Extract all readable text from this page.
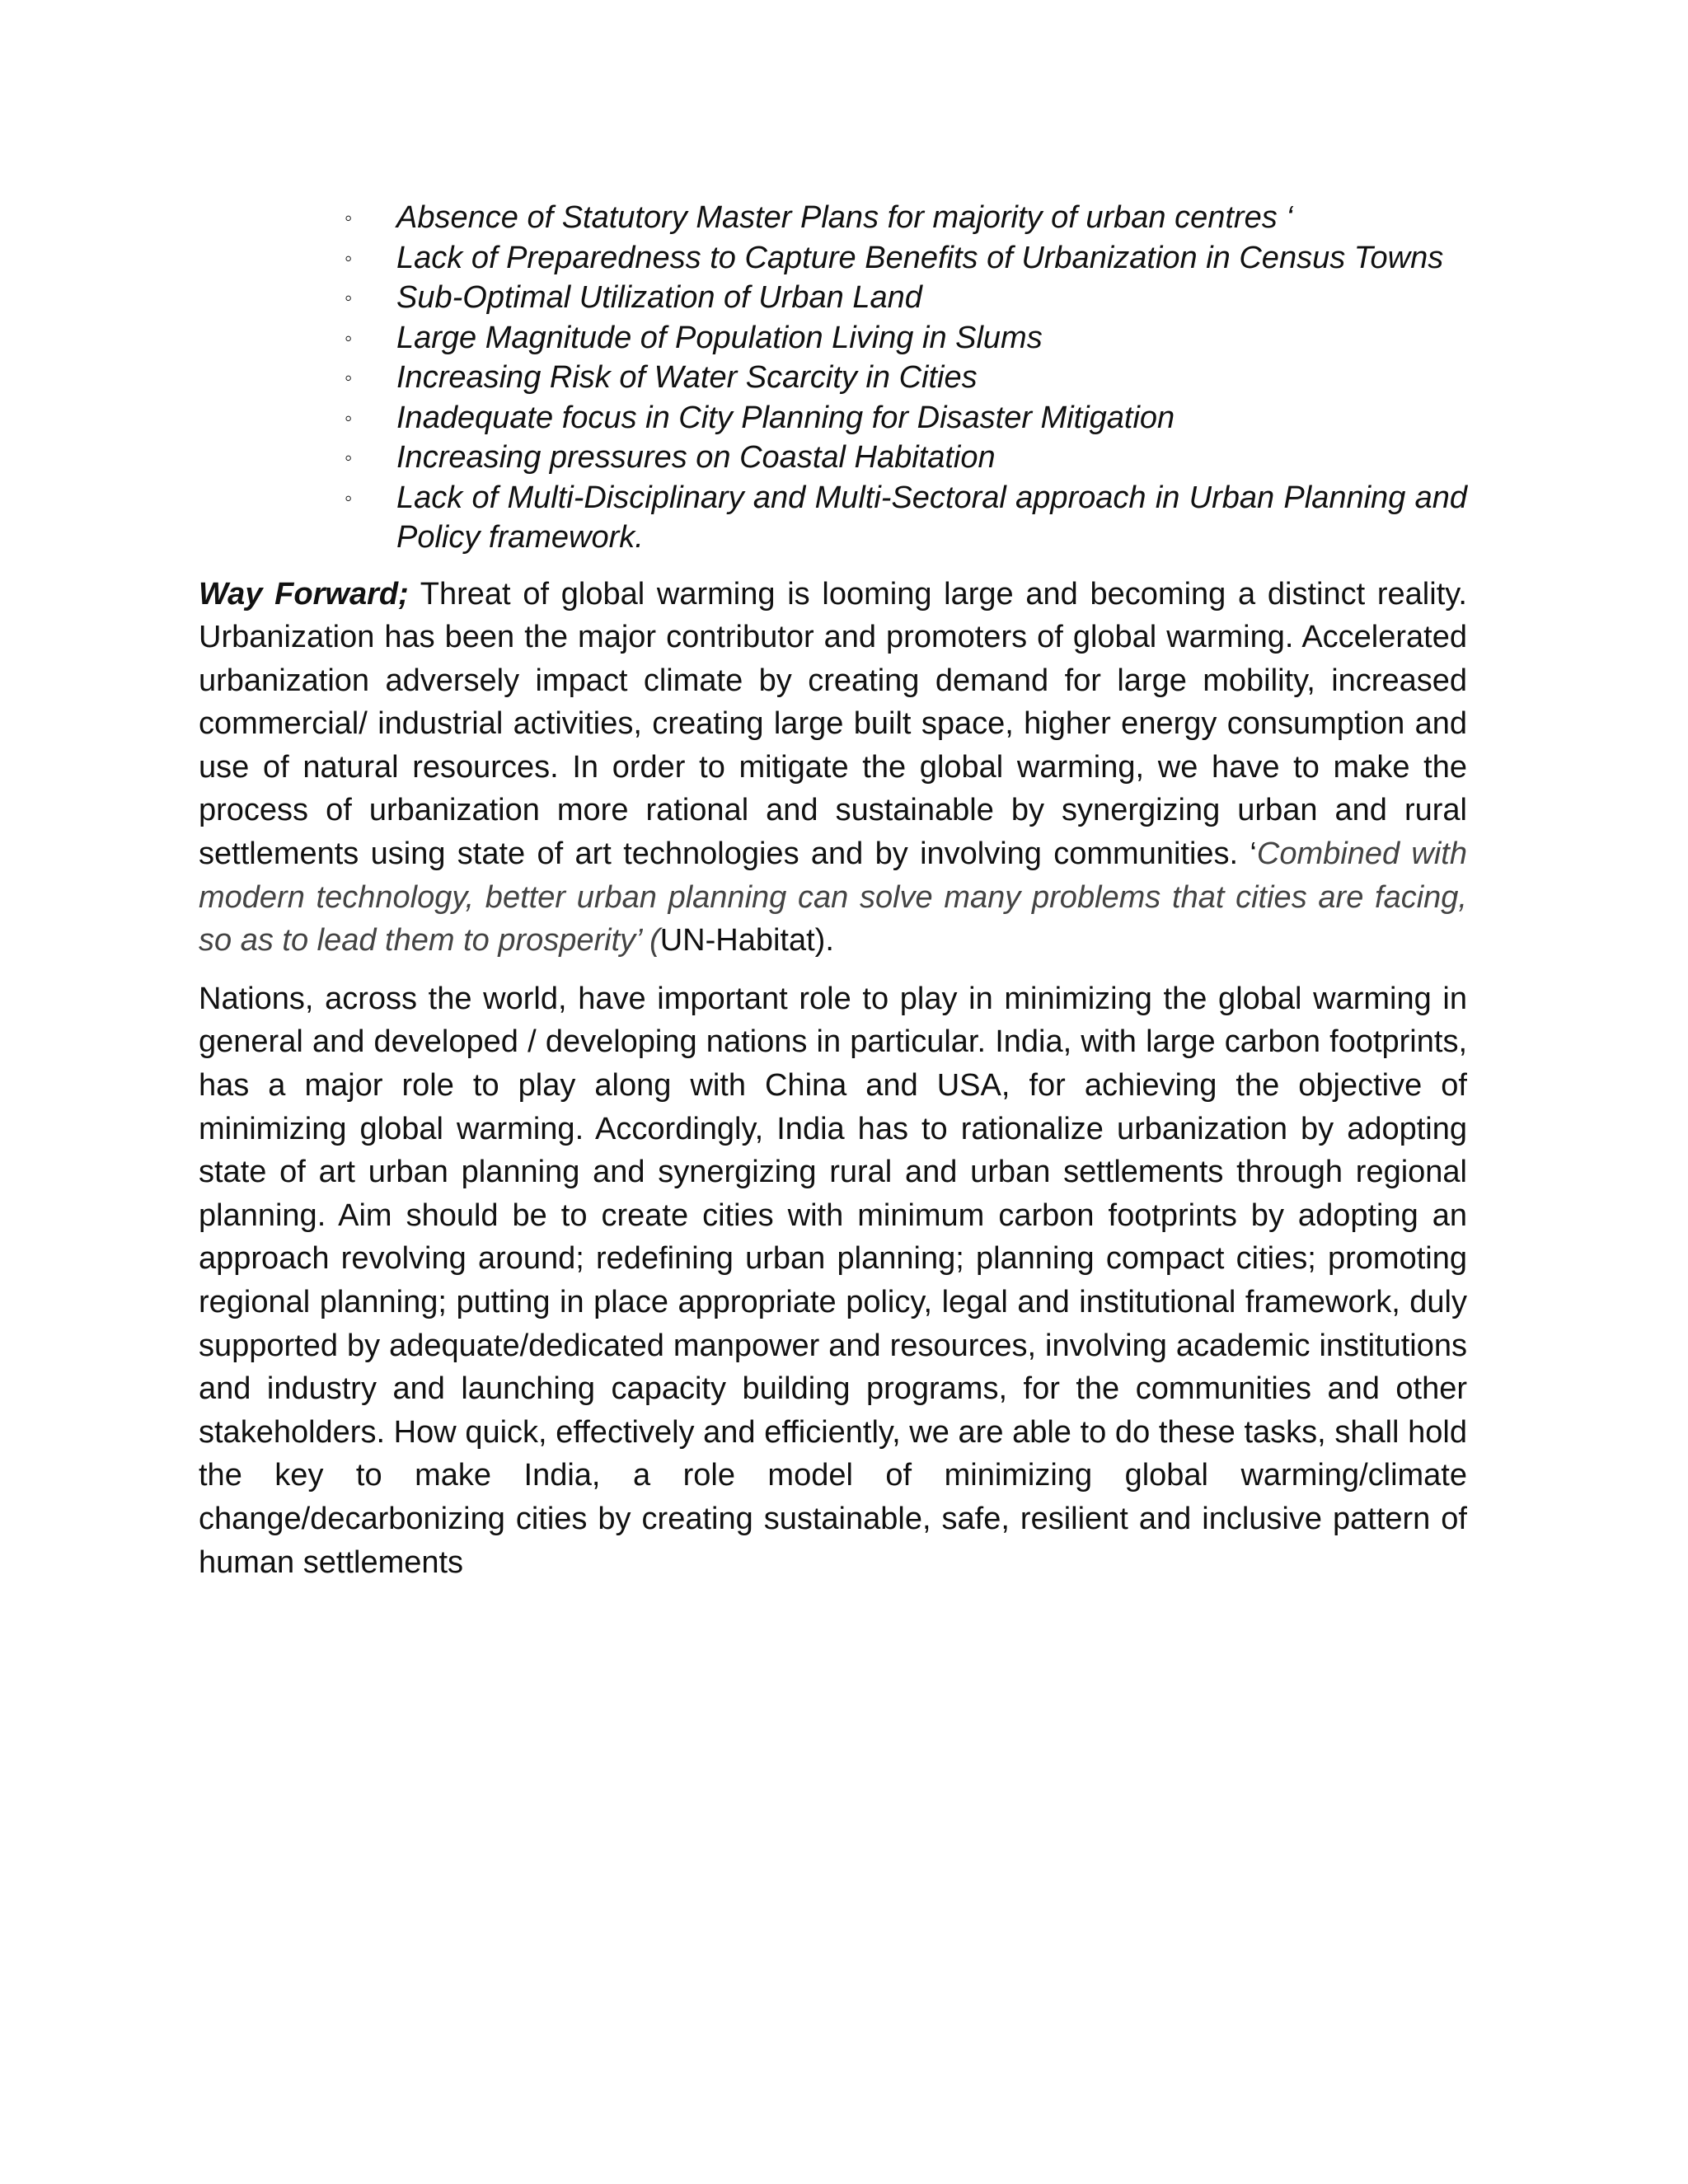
◦ Absence of Statutory Master Plans for majority of urban centres ‘
◦ Lack of Preparedness to Capture Benefits of Urbanization in Census Towns
◦ Sub-Optimal Utilization of Urban Land
◦ Large Magnitude of Population Living in Slums
◦ Increasing Risk of Water Scarcity in Cities
◦ Inadequate focus in City Planning for Disaster Mitigation
◦ Increasing pressures on Coastal Habitation
◦ Lack of Multi-Disciplinary and Multi-Sectoral approach in Urban Planning and Policy framework.

Way Forward; Threat of global warming is looming large and becoming a distinct reality. Urbanization has been the major contributor and promoters of global warming. Accelerated urbanization adversely impact climate by creating demand for large mobility, increased commercial/ industrial activities, creating large built space, higher energy consumption and use of natural resources. In order to mitigate the global warming, we have to make the process of urbanization more rational and sustainable by synergizing urban and rural settlements using state of art technologies and by involving communities. ‘Combined with modern technology, better urban planning can solve many problems that cities are facing, so as to lead them to prosperity’ (UN-Habitat).

Nations, across the world, have important role to play in minimizing the global warming in general and developed / developing nations in particular. India, with large carbon footprints, has a major role to play along with China and USA, for achieving the objective of minimizing global warming. Accordingly, India has to rationalize urbanization by adopting state of art urban planning and synergizing rural and urban settlements through regional planning. Aim should be to create cities with minimum carbon footprints by adopting an approach revolving around; redefining urban planning; planning compact cities; promoting regional planning; putting in place appropriate policy, legal and institutional framework, duly supported by adequate/dedicated manpower and resources, involving academic institutions and industry and launching capacity building programs, for the communities and other stakeholders. How quick, effectively and efficiently, we are able to do these tasks, shall hold the key to make India, a role model of minimizing global warming/climate change/decarbonizing cities by creating sustainable, safe, resilient and inclusive pattern of human settlements
